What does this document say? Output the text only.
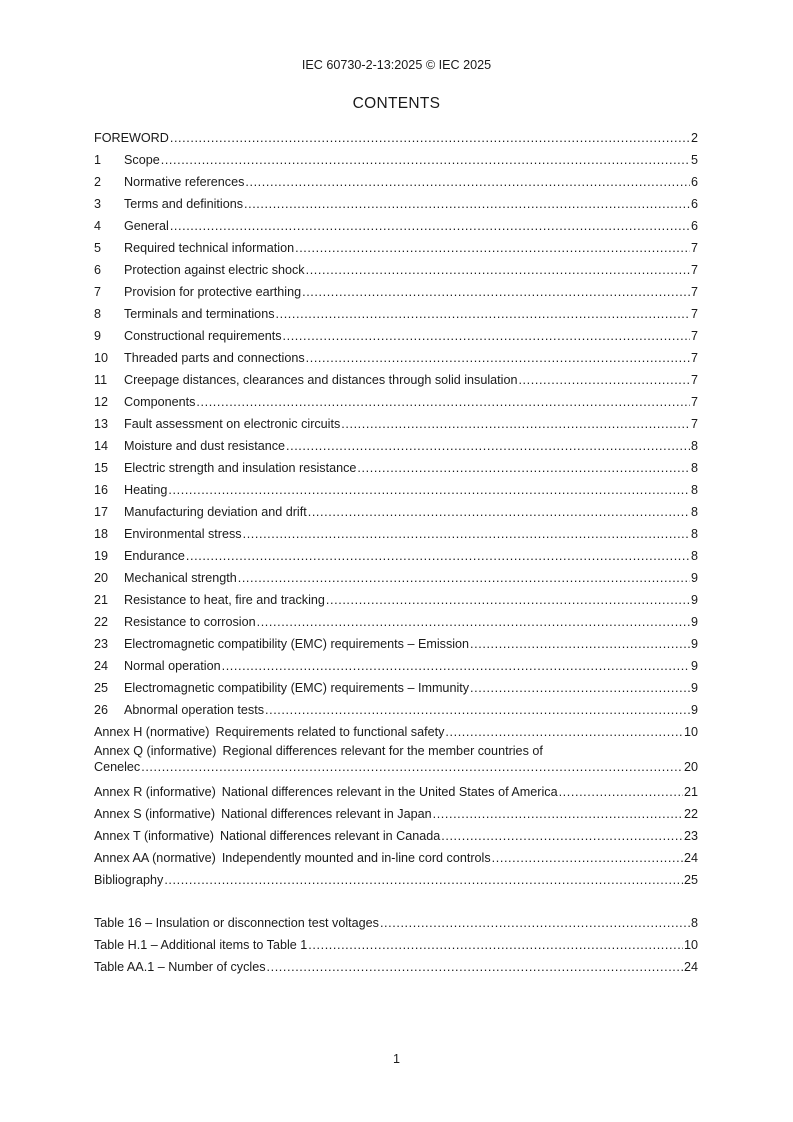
IEC 60730-2-13:2025 © IEC 2025
CONTENTS
FOREWORD .....	2
1	Scope .....	5
2	Normative references .....	6
3	Terms and definitions .....	6
4	General .....	6
5	Required technical information .....	7
6	Protection against electric shock .....	7
7	Provision for protective earthing .....	7
8	Terminals and terminations .....	7
9	Constructional requirements .....	7
10	Threaded parts and connections .....	7
11	Creepage distances, clearances and distances through solid insulation .....	7
12	Components .....	7
13	Fault assessment on electronic circuits .....	7
14	Moisture and dust resistance .....	8
15	Electric strength and insulation resistance .....	8
16	Heating .....	8
17	Manufacturing deviation and drift .....	8
18	Environmental stress .....	8
19	Endurance .....	8
20	Mechanical strength .....	9
21	Resistance to heat, fire and tracking .....	9
22	Resistance to corrosion .....	9
23	Electromagnetic compatibility (EMC) requirements – Emission .....	9
24	Normal operation .....	9
25	Electromagnetic compatibility (EMC) requirements – Immunity .....	9
26	Abnormal operation tests .....	9
Annex H (normative) Requirements related to functional safety .....	10
Annex Q (informative) Regional differences relevant for the member countries of
Cenelec .....	20
Annex R (informative) National differences relevant in the United States of America .....	21
Annex S (informative) National differences relevant in Japan .....	22
Annex T (informative) National differences relevant in Canada .....	23
Annex AA (normative) Independently mounted and in-line cord controls .....	24
Bibliography .....	25
Table 16 – Insulation or disconnection test voltages .....	8
Table H.1 – Additional items to Table 1 .....	10
Table AA.1 – Number of cycles .....	24
1
